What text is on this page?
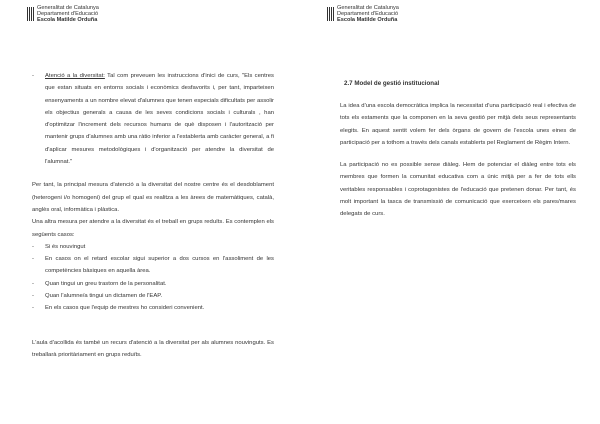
Generalitat de Catalunya
Departament d'Educació
Escola Matilde Orduña
- Atenció a la diversitat: Tal com preveuen les instruccions d'inici de curs, "Els centres que estan situats en entorns socials i econòmics desfavorits i, per tant, imparteixen ensenyaments a un nombre elevat d'alumnes que tenen especials dificultats per assolir els objectius generals a causa de les seves condicions socials i culturals , han d'optimitzar l'increment dels recursos humans de què disposen i l'autorització per mantenir grups d'alumnes amb una ràtio inferior a l'establerta amb caràcter general, a fi d'aplicar mesures metodològiques i d'organització per atendre la diversitat de l'alumnat."

Per tant, la principal mesura d'atenció a la diversitat del nostre centre és el desdoblament (heterogeni i/o homogeni) del grup el qual es realitza a les àrees de matemàtiques, català, anglès oral, informàtica i plàstica.

Una altra mesura per atendre a la diversitat és el treball en grups reduïts. Es contemplen els següents casos:

- Si és nouvingut
- En casos on el retard escolar sigui superior a dos cursos en l'assoliment de les competències bàsiques en aquella àrea.
- Quan tingui un greu trastorn de la personalitat.
- Quan l'alumne/a tingui un dictamen de l'EAP.
- En els casos que l'equip de mestres ho consideri convenient.

L'aula d'acollida és també un recurs d'atenció a la diversitat per als alumnes nouvinguts. Es treballarà prioritàriament en grups reduïts.

Generalitat de Catalunya
Departament d'Educació
Escola Matilde Orduña
2.7 Model de gestió institucional

La idea d'una escola democràtica implica la necessitat d'una participació real i efectiva de tots els estaments que la componen en la seva gestió per mitjà dels seus representants elegits. En aquest sentit volem fer dels òrgans de govern de l'escola unes eines de participació per a tothom a través dels canals establerts pel Reglament de Règim Intern.

La participació no es possible sense diàleg. Hem de potenciar el diàleg entre tots els membres que formen la comunitat educativa com a únic mitjà per a fer de tots ells veritables responsables i coprotagonistes de l'educació que pretenen donar. Per tant, és molt important la tasca de transmissió de comunicació que exerceixen els pares/mares delegats de curs.
